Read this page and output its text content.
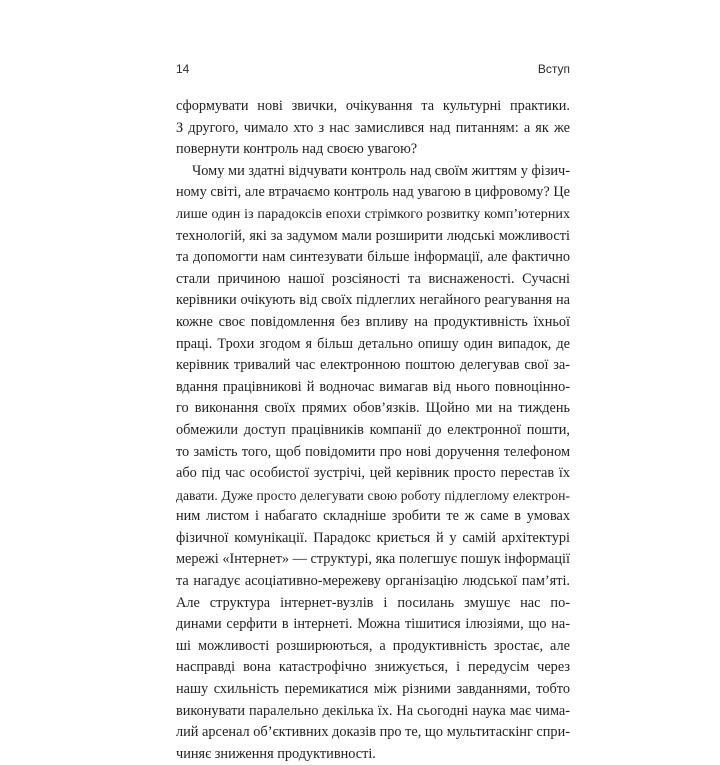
14	Вступ
сформувати нові звички, очікування та культурні практики.
З другого, чимало хто з нас замислився над питанням: а як же
повернути контроль над своєю увагою?
Чому ми здатні відчувати контроль над своїм життям у фізич-
ному світі, але втрачаємо контроль над увагою в цифровому? Це
лише один із парадоксів епохи стрімкого розвитку комп’ютерних
технологій, які за задумом мали розширити людські можливості
та допомогти нам синтезувати більше інформації, але фактично
стали причиною нашої розсіяності та виснаженості. Сучасні
керівники очікують від своїх підлеглих негайного реагування на
кожне своє повідомлення без впливу на продуктивність їхньої
праці. Трохи згодом я більш детально опишу один випадок, де
керівник тривалий час електронною поштою делегував свої за-
вдання працівникові й водночас вимагав від нього повноцінно-
го виконання своїх прямих обов’язків. Щойно ми на тиждень
обмежили доступ працівників компанії до електронної пошти,
то замість того, щоб повідомити про нові доручення телефоном
або під час особистої зустрічі, цей керівник просто перестав їх
давати. Дуже просто делегувати свою роботу підлеглому електрон-
ним листом і набагато складніше зробити те ж саме в умовах
фізичної комунікації. Парадокс криється й у самій архітектурі
мережі «Інтернет» — структурі, яка полегшує пошук інформації
та нагадує асоціативно-мережеву організацію людської пам’яті.
Але структура інтернет-вузлів і посилань змушує нас по-
динами серфити в інтернеті. Можна тішитися ілюзіями, що на-
ші можливості розширюються, а продуктивність зростає, але
насправді вона катастрофічно знижується, і передусім через
нашу схильність перемикатися між різними завданнями, тобто
виконувати паралельно декілька їх. На сьогодні наука має чима-
лий арсенал об’єктивних доказів про те, що мультитаскінг спри-
чиняє зниження продуктивності.
